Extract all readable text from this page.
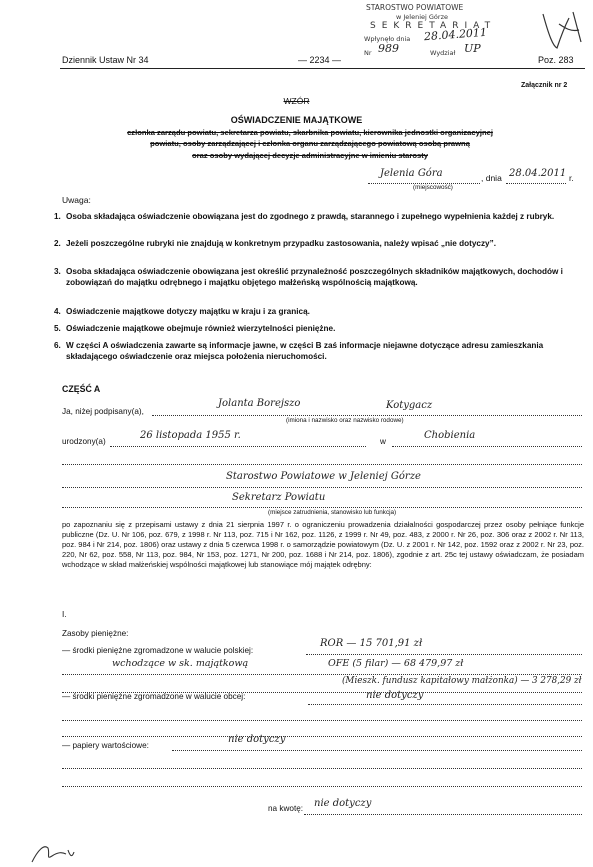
STAROSTWO POWIATOWE
w Jeleniej Górze
SEKRETARIAT
Wpłynęło dnia 28.04.2011
Nr 989	Wydział UP
Dziennik Ustaw Nr 34	— 2234 —	Poz. 283
Załącznik nr 2
WZÓR
OŚWIADCZENIE MAJĄTKOWE
członka zarządu powiatu, sekretarza powiatu, skarbnika powiatu, kierownika jednostki organizacyjnej
powiatu, osoby zarządzającej i członka organu zarządzającego powiatową osobą prawną
oraz osoby wydającej decyzje administracyjne w imieniu starosty
Jelenia Góra
(miejscowość)
, dnia 28.04.2011 r.
Uwaga:
1. Osoba składająca oświadczenie obowiązana jest do zgodnego z prawdą, starannego i zupełnego wypełnienia każdej z rubryk.
2. Jeżeli poszczególne rubryki nie znajdują w konkretnym przypadku zastosowania, należy wpisać „nie dotyczy”.
3. Osoba składająca oświadczenie obowiązana jest określić przynależność poszczególnych składników majątkowych, dochodów i zobowiązań do majątku odrębnego i majątku objętego małżeńską wspólnością majątkową.
4. Oświadczenie majątkowe dotyczy majątku w kraju i za granicą.
5. Oświadczenie majątkowe obejmuje również wierzytelności pieniężne.
6. W części A oświadczenia zawarte są informacje jawne, w części B zaś informacje niejawne dotyczące adresu zamieszkania składającego oświadczenie oraz miejsca położenia nieruchomości.
CZĘŚĆ A
Ja, niżej podpisany(a),
Jolanta Borejszo	Kotygacz
(imiona i nazwisko oraz nazwisko rodowe)
urodzony(a)
26 listopada 1955 r.
w
Chobienia
Starostwo Powiatowe w Jeleniej Górze
Sekretarz Powiatu
(miejsce zatrudnienia, stanowisko lub funkcja)
po zapoznaniu się z przepisami ustawy z dnia 21 sierpnia 1997 r. o ograniczeniu prowadzenia działalności gospodarczej przez osoby pełniące funkcje publiczne (Dz. U. Nr 106, poz. 679, z 1998 r. Nr 113, poz. 715 i Nr 162, poz. 1126, z 1999 r. Nr 49, poz. 483, z 2000 r. Nr 26, poz. 306 oraz z 2002 r. Nr 113, poz. 984 i Nr 214, poz. 1806) oraz ustawy z dnia 5 czerwca 1998 r. o samorządzie powiatowym (Dz. U. z 2001 r. Nr 142, poz. 1592 oraz z 2002 r. Nr 23, poz. 220, Nr 62, poz. 558, Nr 113, poz. 984, Nr 153, poz. 1271, Nr 200, poz. 1688 i Nr 214, poz. 1806), zgodnie z art. 25c tej ustawy oświadczam, że posiadam wchodzące w skład małżeńskiej wspólności majątkowej lub stanowiące mój majątek odrębny:
I.
Zasoby pieniężne:
— środki pieniężne zgromadzone w walucie polskiej:
ROR — 15 701,91 zł
wchodzące w sk. majątkową	OFE (5 filar) — 68 479,97 zł
(Mieszk. fundusz kapitałowy małżonka) — 3 278,29 zł
— środki pieniężne zgromadzone w walucie obcej:	nie dotyczy
— papiery wartościowe:
nie dotyczy
na kwotę: nie dotyczy
